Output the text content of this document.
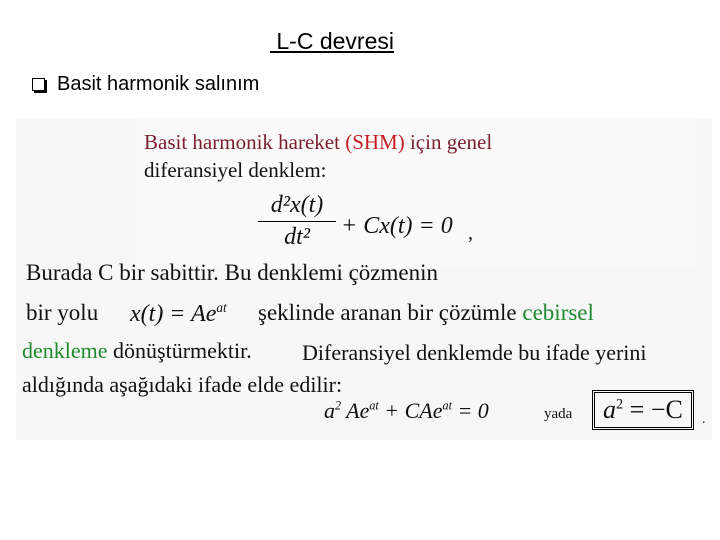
L-C devresi
Basit harmonik salınım
Basit harmonik hareket (SHM) için genel
diferansiyel denklem:
$\frac{\text{d²x(t)}}{\text{dt²}} + Cx(t) = 0$ ,
Burada C bir sabittir. Bu denklemi çözmenin
bir yolu $x(t) = Ae^{at}$ şeklinde aranan bir çözümle cebirsel
denkleme dönüştürmektir. Diferansiyel denklemde bu ifade yerini
aldığında aşağıdaki ifade elde edilir:
$a^2$ $Ae^{at} + CAe^{at} = 0$	yada	$a^2 = -C$	.
